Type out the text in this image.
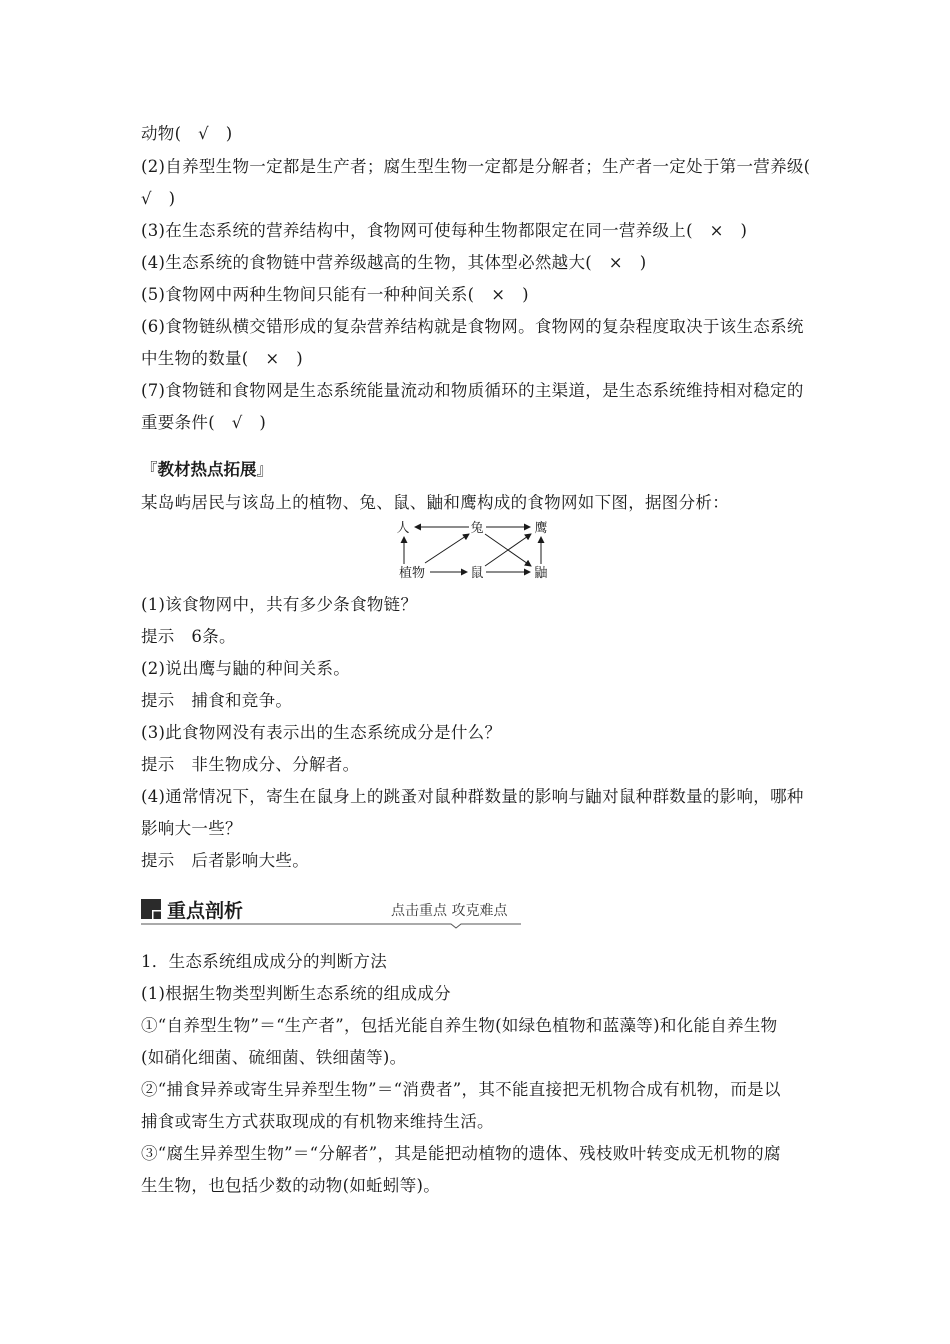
动物(　√　)
(2)自养型生物一定都是生产者；腐生型生物一定都是分解者；生产者一定处于第一营养级(
√　)
(3)在生态系统的营养结构中，食物网可使每种生物都限定在同一营养级上(　×　)
(4)生态系统的食物链中营养级越高的生物，其体型必然越大(　×　)
(5)食物网中两种生物间只能有一种种间关系(　×　)
(6)食物链纵横交错形成的复杂营养结构就是食物网。食物网的复杂程度取决于该生态系统
中生物的数量(　×　)
(7)食物链和食物网是生态系统能量流动和物质循环的主渠道，是生态系统维持相对稳定的
重要条件(　√　)
某岛屿居民与该岛上的植物、兔、鼠、鼬和鹰构成的食物网如下图，据图分析：
(1)该食物网中，共有多少条食物链？
提示　6条。
(2)说出鹰与鼬的种间关系。
提示　捕食和竞争。
(3)此食物网没有表示出的生态系统成分是什么？
提示　非生物成分、分解者。
(4)通常情况下，寄生在鼠身上的跳蚤对鼠种群数量的影响与鼬对鼠种群数量的影响，哪种
影响大一些？
提示　后者影响大些。
1．生态系统组成成分的判断方法
(1)根据生物类型判断生态系统的组成成分
①“自养型生物”＝“生产者”，包括光能自养生物(如绿色植物和蓝藻等)和化能自养生物
(如硝化细菌、硫细菌、铁细菌等)。
②“捕食异养或寄生异养型生物”＝“消费者”，其不能直接把无机物合成有机物，而是以
捕食或寄生方式获取现成的有机物来维持生活。
③“腐生异养型生物”＝“分解者”，其是能把动植物的遗体、残枝败叶转变成无机物的腐
生生物，也包括少数的动物(如蚯蚓等)。
『教材热点拓展』
人	兔	鹰
植物	鼠	鼬
重点剖析	点击重点 攻克难点
